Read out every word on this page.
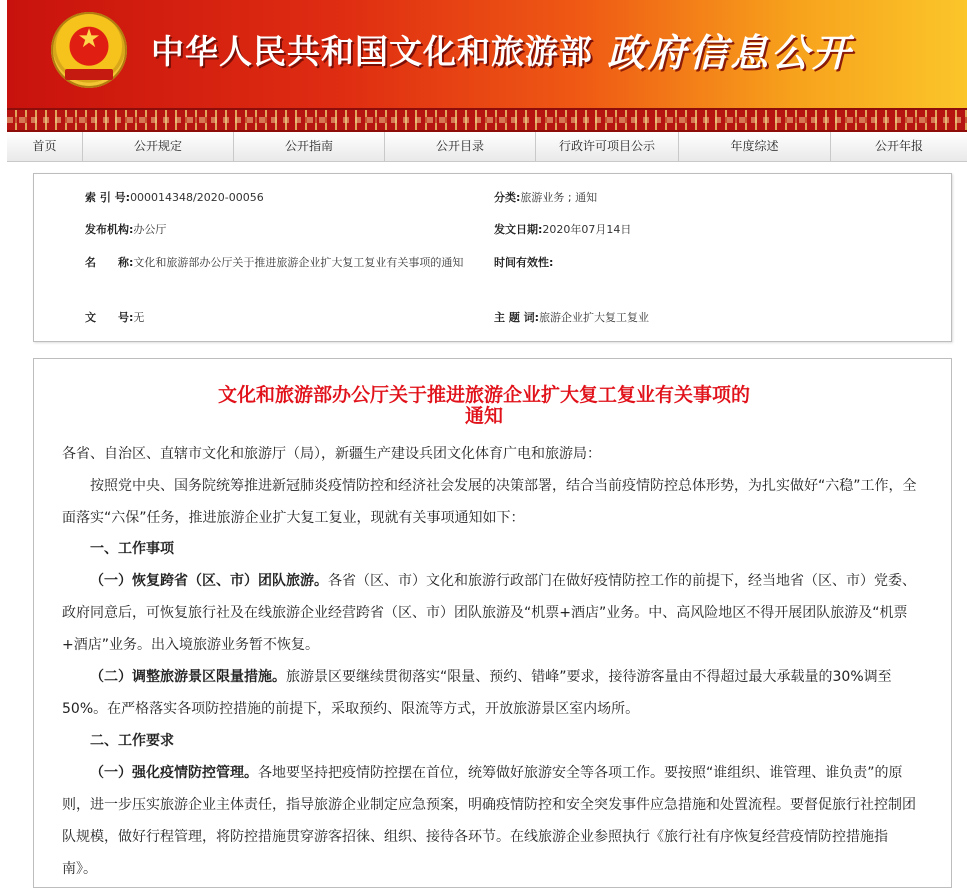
★	中华人民共和国文化和旅游部 政府信息公开
首页	公开规定	公开指南	公开目录	行政许可项目公示	年度综述	公开年报
索 引 号:000014348/2020-00056	分类:旅游业务 ; 通知
发布机构:办公厅	发文日期:2020年07月14日
名　　称:文化和旅游部办公厅关于推进旅游企业扩大复工复业有关事项的通知	时间有效性:
文　　号:无	主 题 词:旅游企业扩大复工复业
文化和旅游部办公厅关于推进旅游企业扩大复工复业有关事项的
通知
各省、自治区、直辖市文化和旅游厅（局），新疆生产建设兵团文化体育广电和旅游局：
按照党中央、国务院统筹推进新冠肺炎疫情防控和经济社会发展的决策部署，结合当前疫情防控总体形势，为扎实做好“六稳”工作，全面落实“六保”任务，推进旅游企业扩大复工复业，现就有关事项通知如下：
一、工作事项
（一）恢复跨省（区、市）团队旅游。各省（区、市）文化和旅游行政部门在做好疫情防控工作的前提下，经当地省（区、市）党委、政府同意后，可恢复旅行社及在线旅游企业经营跨省（区、市）团队旅游及“机票+酒店”业务。中、高风险地区不得开展团队旅游及“机票+酒店”业务。出入境旅游业务暂不恢复。
（二）调整旅游景区限量措施。旅游景区要继续贯彻落实“限量、预约、错峰”要求，接待游客量由不得超过最大承载量的30%调至50%。在严格落实各项防控措施的前提下，采取预约、限流等方式，开放旅游景区室内场所。
二、工作要求
（一）强化疫情防控管理。各地要坚持把疫情防控摆在首位，统筹做好旅游安全等各项工作。要按照“谁组织、谁管理、谁负责”的原则，进一步压实旅游企业主体责任，指导旅游企业制定应急预案，明确疫情防控和安全突发事件应急措施和处置流程。要督促旅行社控制团队规模，做好行程管理，将防控措施贯穿游客招徕、组织、接待各环节。在线旅游企业参照执行《旅行社有序恢复经营疫情防控措施指南》。
